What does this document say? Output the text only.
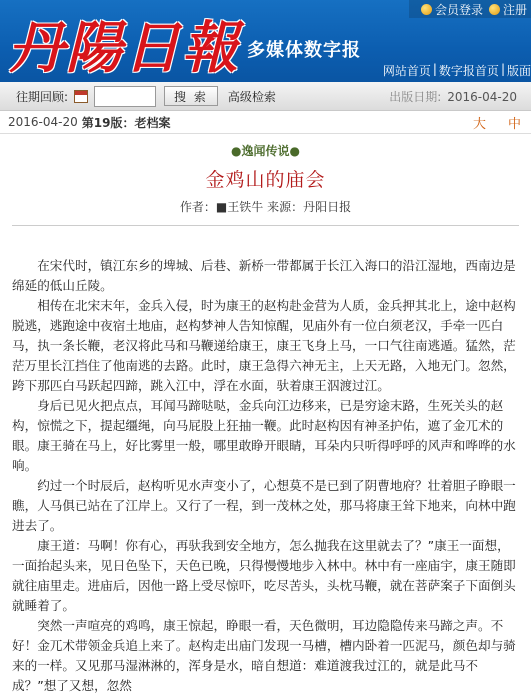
丹陽日報 多媒体数字报
会员登录 注册
网站首页 | 数字报首页 | 版面
往期回顾:	搜 索	高级检索	出版日期: 2016-04-20
2016-04-20 第19版：老档案	大 中
●逸闻传说●
金鸡山的庙会
作者：■王铁牛 来源：丹阳日报

在宋代时，镇江东乡的埤城、后巷、新桥一带都属于长江入海口的沿江湿地，西南边是绵延的低山丘陵。

相传在北宋末年，金兵入侵，时为康王的赵构赴金营为人质，金兵押其北上，途中赵构脱逃，逃跑途中夜宿土地庙，赵构梦神人告知惊醒，见庙外有一位白须老汉，手牵一匹白马，执一条长鞭，老汉将此马和马鞭递给康王，康王飞身上马，一口气往南逃遁。猛然，茫茫万里长江挡住了他南逃的去路。此时，康王急得六神无主，上天无路，入地无门。忽然，跨下那匹白马跃起四蹄，跳入江中，浮在水面，驮着康王泅渡过江。

身后已见火把点点，耳闻马蹄哒哒，金兵向江边移来，已是穷途末路，生死关头的赵构，惊慌之下，提起缰绳，向马屁股上狂抽一鞭。此时赵构因有神圣护佑，遮了金兀术的眼。康王骑在马上，好比雾里一般，哪里敢睁开眼睛，耳朵内只听得呼呼的风声和哗哗的水响。

约过一个时辰后，赵构听见水声变小了，心想莫不是已到了阴曹地府？壮着胆子睁眼一瞧，人马俱已站在了江岸上。又行了一程，到一茂林之处，那马将康王耸下地来，向林中跑进去了。

康王道：马啊！你有心，再驮我到安全地方，怎么抛我在这里就去了？”康王一面想，一面抬起头来，见日色坠下，天色已晚，只得慢慢地步入林中。林中有一座庙宇，康王随即就往庙里走。进庙后，因他一路上受尽惊吓，吃尽苦头，头枕马鞭，就在菩萨案子下面倒头就睡着了。

突然一声喧亮的鸡鸣，康王惊起，睁眼一看，天色微明，耳边隐隐传来马蹄之声。不好！金兀术带领金兵追上来了。赵构走出庙门发现一马槽，槽内卧着一匹泥马，颜色却与骑来的一样。又见那马湿淋淋的，浑身是水，暗自想道：难道渡我过江的，就是此马不成？”想了又想，忽然
